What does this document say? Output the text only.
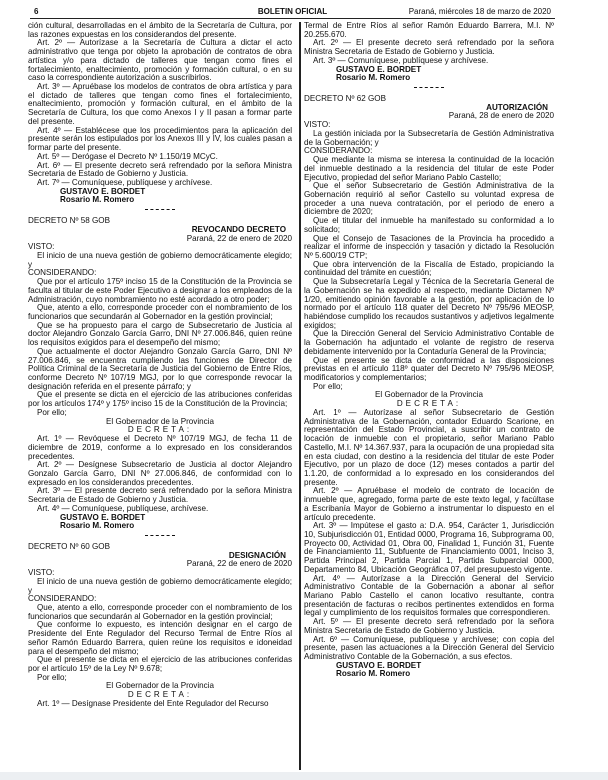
6	BOLETIN OFICIAL	Paraná, miércoles 18 de marzo de 2020
ción cultural, desarrolladas en el ámbito de la Secretaría de Cultura, por las razones expuestas en los considerandos del presente.
Art. 2º — Autorízase a la Secretaría de Cultura a dictar el acto administrativo que tenga por objeto la aprobación de contratos de obra artística y/o para dictado de talleres que tengan como fines el fortalecimiento, enaltecimiento, promoción y formación cultural, o en su caso la correspondiente autorización a suscribirlos.
Art. 3º — Apruébase los modelos de contratos de obra artística y para el dictado de talleres que tengan como fines el fortalecimiento, enaltecimiento, promoción y formación cultural, en el ámbito de la Secretaría de Cultura, los que como Anexos I y II pasan a formar parte del presente.
Art. 4º — Establécese que los procedimientos para la aplicación del presente serán los estipulados por los Anexos III y IV, los cuales pasan a formar parte del presente.
Art. 5º — Derógase el Decreto Nº 1.150/19 MCyC.
Art. 6º — El presente decreto será refrendado por la señora Ministra Secretaria de Estado de Gobierno y Justicia.
Art. 7º — Comuníquese, publíquese y archívese.
GUSTAVO E. BORDET
Rosario M. Romero
DECRETO Nº 58 GOB
REVOCANDO DECRETO
Paraná, 22 de enero de 2020
VISTO:
El inicio de una nueva gestión de gobierno democráticamente elegido; y
CONSIDERANDO:
Que por el artículo 175º inciso 15 de la Constitución de la Provincia se faculta al titular de este Poder Ejecutivo a designar a los empleados de la Administración, cuyo nombramiento no esté acordado a otro poder;
Que, atento a ello, corresponde proceder con el nombramiento de los funcionarios que secundarán al Gobernador en la gestión provincial;
Que se ha propuesto para el cargo de Subsecretario de Justicia al doctor Alejandro Gonzalo García Garro, DNI Nº 27.006.846, quien reúne los requisitos exigidos para el desempeño del mismo;
Que actualmente el doctor Alejandro Gonzalo García Garro, DNI Nº 27.006.846, se encuentra cumpliendo las funciones de Director de Política Criminal de la Secretaría de Justicia del Gobierno de Entre Ríos, conforme Decreto Nº 107/19 MGJ, por lo que corresponde revocar la designación referida en el presente párrafo; y
Que el presente se dicta en el ejercicio de las atribuciones conferidas por los artículos 174º y 175º inciso 15 de la Constitución de la Provincia;
Por ello;
El Gobernador de la Provincia
DECRETA:
Art. 1º — Revóquese el Decreto Nº 107/19 MGJ, de fecha 11 de diciembre de 2019, conforme a lo expresado en los considerandos precedentes.
Art. 2º — Desígnese Subsecretario de Justicia al doctor Alejandro Gonzalo García Garro, DNI Nº 27.006.846, de conformidad con lo expresado en los considerandos precedentes.
Art. 3º — El presente decreto será refrendado por la señora Ministra Secretaria de Estado de Gobierno y Justicia.
Art. 4º — Comuníquese, publíquese, archívese.
GUSTAVO E. BORDET
Rosario M. Romero
DECRETO Nº 60 GOB
DESIGNACIÓN
Paraná, 22 de enero de 2020
VISTO:
El inicio de una nueva gestión de gobierno democráticamente elegido; y
CONSIDERANDO:
Que, atento a ello, corresponde proceder con el nombramiento de los funcionarios que secundarán al Gobernador en la gestión provincial;
Que conforme lo expuesto, es intención designar en el cargo de Presidente del Ente Regulador del Recurso Termal de Entre Ríos al señor Ramón Eduardo Barrera, quien reúne los requisitos e idoneidad para el desempeño del mismo;
Que el presente se dicta en el ejercicio de las atribuciones conferidas por el artículo 15º de la Ley Nº 9.678;
Por ello;
El Gobernador de la Provincia
DECRETA:
Art. 1º — Desígnase Presidente del Ente Regulador del Recurso
Termal de Entre Ríos al señor Ramón Eduardo Barrera, M.I. Nº 20.255.670.
Art. 2º — El presente decreto será refrendado por la señora Ministra Secretaria de Estado de Gobierno y Justicia.
Art. 3º — Comuníquese, publíquese y archívese.
GUSTAVO E. BORDET
Rosario M. Romero
DECRETO Nº 62 GOB
AUTORIZACIÓN
Paraná, 28 de enero de 2020
VISTO:
La gestión iniciada por la Subsecretaría de Gestión Administrativa de la Gobernación; y
CONSIDERANDO:
Que mediante la misma se interesa la continuidad de la locación del inmueble destinado a la residencia del titular de este Poder Ejecutivo, propiedad del señor Mariano Pablo Castello;
Que el señor Subsecretario de Gestión Administrativa de la Gobernación requirió al señor Castello su voluntad expresa de proceder a una nueva contratación, por el periodo de enero a diciembre de 2020;
Que el titular del inmueble ha manifestado su conformidad a lo solicitado;
Que el Consejo de Tasaciones de la Provincia ha procedido a realizar el informe de inspección y tasación y dictado la Resolución Nº 5.600/19 CTP;
Que obra intervención de la Fiscalía de Estado, propiciando la continuidad del trámite en cuestión;
Que la Subsecretaría Legal y Técnica de la Secretaría General de la Gobernación se ha expedido al respecto, mediante Dictamen Nº 1/20, emitiendo opinión favorable a la gestión, por aplicación de lo normado por el artículo 118 quater del Decreto Nº 795/96 MEOSP, habiéndose cumplido los recaudos sustantivos y adjetivos legalmente exigidos;
Que la Dirección General del Servicio Administrativo Contable de la Gobernación ha adjuntado el volante de registro de reserva debidamente intervenido por la Contaduría General de la Provincia;
Que el presente se dicta de conformidad a las disposiciones previstas en el artículo 118º quater del Decreto Nº 795/96 MEOSP, modificatorios y complementarios;
Por ello;
El Gobernador de la Provincia
DECRETA:
Art. 1º — Autorízase al señor Subsecretario de Gestión Administrativa de la Gobernación, contador Eduardo Scarione, en representación del Estado Provincial, a suscribir un contrato de locación de inmueble con el propietario, señor Mariano Pablo Castello, M.I. Nº 14.367.937, para la ocupación de una propiedad sita en esta ciudad, con destino a la residencia del titular de este Poder Ejecutivo, por un plazo de doce (12) meses contados a partir del 1.1.20, de conformidad a lo expresado en los considerandos del presente.
Art. 2º — Apruébase el modelo de contrato de locación de inmueble que, agregado, forma parte de este texto legal, y facúltase a Escribanía Mayor de Gobierno a instrumentar lo dispuesto en el artículo precedente.
Art. 3º — Impútese el gasto a: D.A. 954, Carácter 1, Jurisdicción 10, Subjurisdicción 01, Entidad 0000, Programa 16, Subprograma 00, Proyecto 00, Actividad 01, Obra 00, Finalidad 1, Función 31, Fuente de Financiamiento 11, Subfuente de Financiamiento 0001, Inciso 3, Partida Principal 2, Partida Parcial 1, Partida Subparcial 0000, Departamento 84, Ubicación Geográfica 07, del presupuesto vigente.
Art. 4º — Autorízase a la Dirección General del Servicio Administrativo Contable de la Gobernación a abonar al señor Mariano Pablo Castello el canon locativo resultante, contra presentación de facturas o recibos pertinentes extendidos en forma legal y cumplimiento de los requisitos formales que correspondieren.
Art. 5º — El presente decreto será refrendado por la señora Ministra Secretaria de Estado de Gobierno y Justicia.
Art. 6º — Comuníquese, publíquese y archívese; con copia del presente, pasen las actuaciones a la Dirección General del Servicio Administrativo Contable de la Gobernación, a sus efectos.
GUSTAVO E. BORDET
Rosario M. Romero
